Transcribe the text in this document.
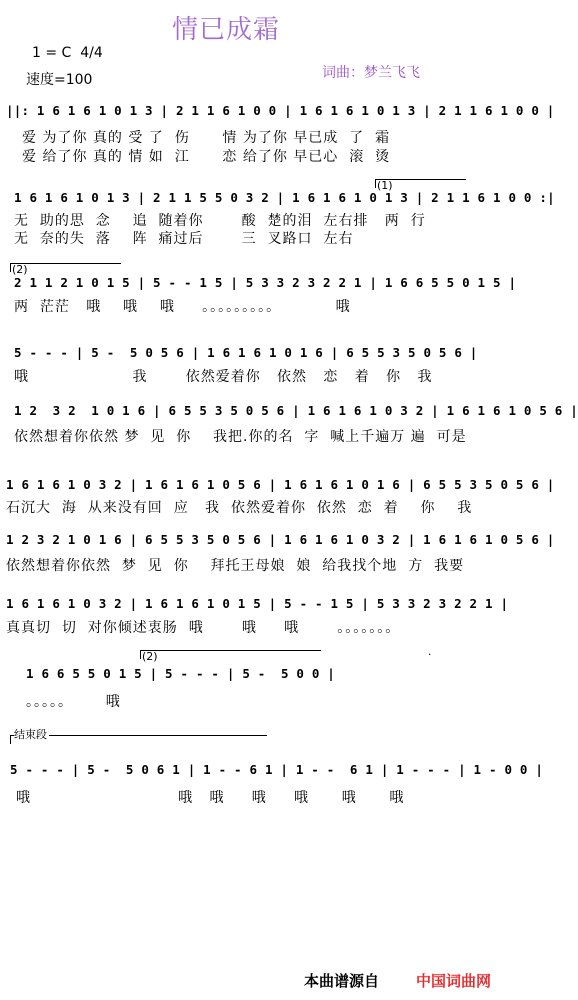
情已成霜
1 = C  4/4
速度=100	词曲：梦兰飞飞
||: 1 6 1 6 1 0 1 3 | 2 1 1 6 1 0 0 | 1 6 1 6 1 0 1 3 | 2 1 1 6 1 0 0 |
爱 为了你 真的 受 了  伤      情 为了你 早已成  了  霜
爱 给了你 真的 情 如  江      恋 给了你 早已心  滚  烫
(1)
1 6 1 6 1 0 1 3 | 2 1 1 5 5 0 3 2 | 1 6 1 6 1 0 1 3 | 2 1 1 6 1 0 0 :|
无  助的思  念    追  随着你       酸  楚的泪  左右排   两  行
无  奈的失  落    阵  痛过后       三  叉路口  左右
(2)
2 1 1 2 1 0 1 5 | 5 - - 1 5 | 5 3 3 2 3 2 2 1 | 1 6 6 5 5 0 1 5 |
两  茫茫   哦    哦    哦     。。。。。。。。。          哦
5 - - - | 5 -  5 0 5 6 | 1 6 1 6 1 0 1 6 | 6 5 5 3 5 0 5 6 |
哦                   我       依然爱着你   依然   恋   着   你   我
1 2  3 2  1 0 1 6 | 6 5 5 3 5 0 5 6 | 1 6 1 6 1 0 3 2 | 1 6 1 6 1 0 5 6 |
依然想着你依然 梦  见  你    我把.你的名  字  喊上千遍万 遍  可是
1 6 1 6 1 0 3 2 | 1 6 1 6 1 0 5 6 | 1 6 1 6 1 0 1 6 | 6 5 5 3 5 0 5 6 |
石沉大  海  从来没有回  应   我  依然爱着你  依然  恋  着    你    我
1 2 3 2 1 0 1 6 | 6 5 5 3 5 0 5 6 | 1 6 1 6 1 0 3 2 | 1 6 1 6 1 0 5 6 |
依然想着你依然  梦  见  你    拜托王母娘  娘  给我找个地  方  我要
1 6 1 6 1 0 3 2 | 1 6 1 6 1 0 1 5 | 5 - - 1 5 | 5 3 3 2 3 2 2 1 |
真真切  切  对你倾述衷肠  哦       哦     哦       。。。。。。。
.
(2)
1 6 6 5 5 0 1 5 | 5 - - - | 5 -  5 0 0 |
。。。。。      哦
结束段
5 - - - | 5 -  5 0 6 1 | 1 - - 6 1 | 1 - -  6 1 | 1 - - - | 1 - 0 0 |
哦                           哦   哦     哦     哦      哦      哦
本曲谱源自 中国词曲网
